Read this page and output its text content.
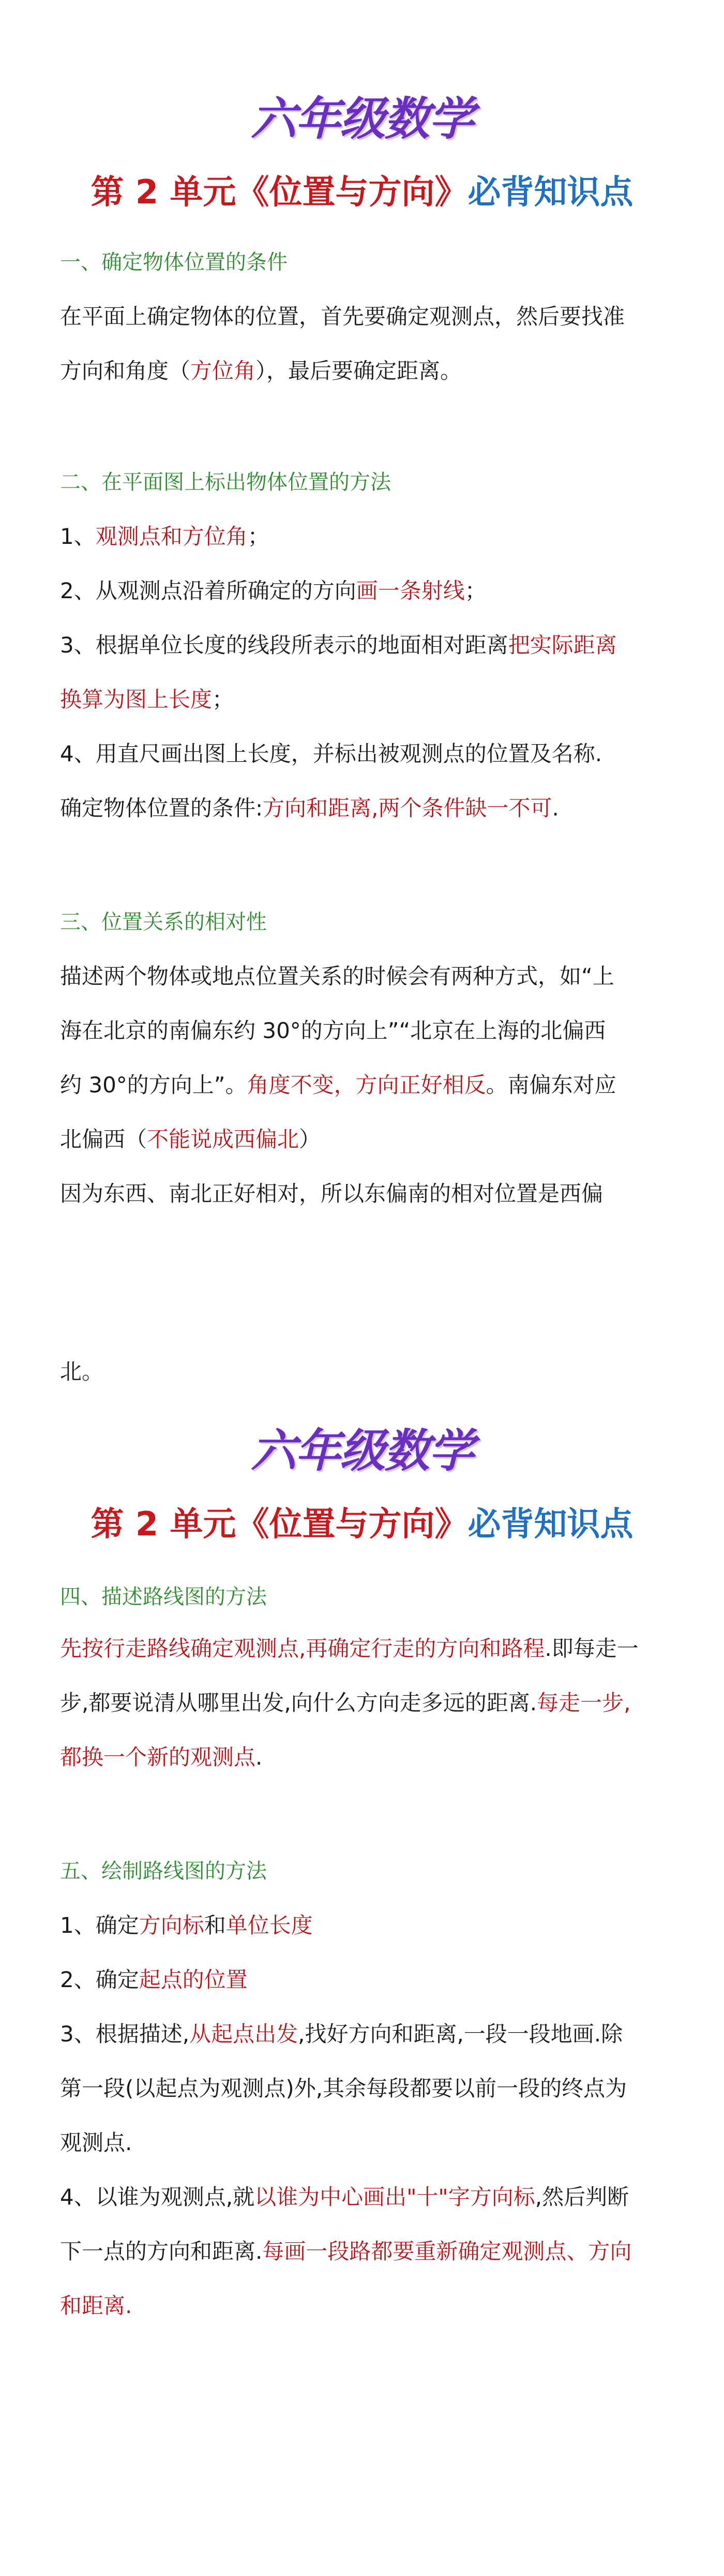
六年级数学
第 2 单元《位置与方向》必背知识点
一、确定物体位置的条件

在平面上确定物体的位置，首先要确定观测点，然后要找准

方向和角度（方位角），最后要确定距离。

二、在平面图上标出物体位置的方法

1、观测点和方位角；

2、从观测点沿着所确定的方向画一条射线；

3、根据单位长度的线段所表示的地面相对距离把实际距离

换算为图上长度；

4、用直尺画出图上长度，并标出被观测点的位置及名称.

确定物体位置的条件:方向和距离,两个条件缺一不可.

三、位置关系的相对性

描述两个物体或地点位置关系的时候会有两种方式，如“上

海在北京的南偏东约 30°的方向上”“北京在上海的北偏西

约 30°的方向上”。角度不变，方向正好相反。南偏东对应

北偏西（不能说成西偏北）

因为东西、南北正好相对，所以东偏南的相对位置是西偏

北。

六年级数学
第 2 单元《位置与方向》必背知识点
四、描述路线图的方法

先按行走路线确定观测点,再确定行走的方向和路程.即每走一

步,都要说清从哪里出发,向什么方向走多远的距离.每走一步,

都换一个新的观测点.

五、绘制路线图的方法

1、确定方向标和单位长度

2、确定起点的位置

3、根据描述,从起点出发,找好方向和距离,一段一段地画.除

第一段(以起点为观测点)外,其余每段都要以前一段的终点为

观测点.

4、以谁为观测点,就以谁为中心画出"十"字方向标,然后判断

下一点的方向和距离.每画一段路都要重新确定观测点、方向

和距离.
